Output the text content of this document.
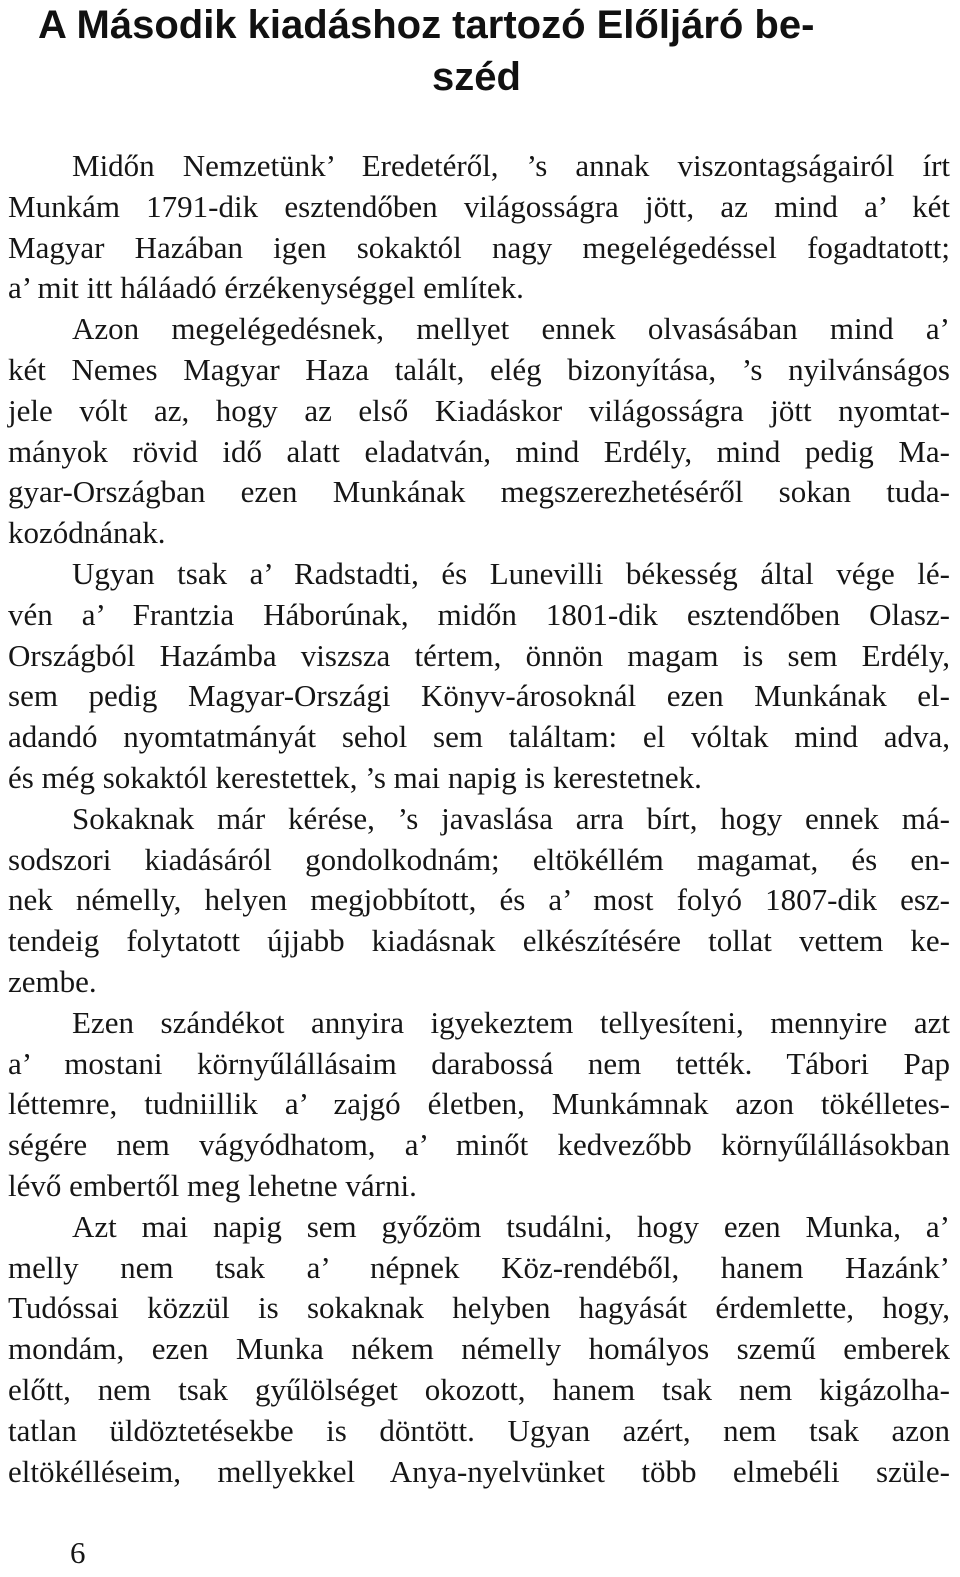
A Második kiadáshoz tartozó Előljáró be-
széd
Midőn Nemzetünk’ Eredetéről, ’s annak viszontagságairól írt
Munkám 1791-dik esztendőben világosságra jött, az mind a’ két
Magyar Hazában igen sokaktól nagy megelégedéssel fogadtatott;
a’ mit itt háláadó érzékenységgel említek.
Azon megelégedésnek, mellyet ennek olvasásában mind a’
két Nemes Magyar Haza talált, elég bizonyítása, ’s nyilvánságos
jele vólt az, hogy az első Kiadáskor világosságra jött nyomtat-
mányok rövid idő alatt eladatván, mind Erdély, mind pedig Ma-
gyar-Országban ezen Munkának megszerezhetéséről sokan tuda-
kozódnának.
Ugyan tsak a’ Radstadti, és Lunevilli békesség által vége lé-
vén a’ Frantzia Háborúnak, midőn 1801-dik esztendőben Olasz-
Országból Hazámba viszsza tértem, önnön magam is sem Erdély,
sem pedig Magyar-Országi Könyv-árosoknál ezen Munkának el-
adandó nyomtatmányát sehol sem találtam: el vóltak mind adva,
és még sokaktól kerestettek, ’s mai napig is kerestetnek.
Sokaknak már kérése, ’s javaslása arra bírt, hogy ennek má-
sodszori kiadásáról gondolkodnám; eltökéllém magamat, és en-
nek némelly, helyen megjobbított, és a’ most folyó 1807-dik esz-
tendeig folytatott újjabb kiadásnak elkészítésére tollat vettem ke-
zembe.
Ezen szándékot annyira igyekeztem tellyesíteni, mennyire azt
a’ mostani környűlállásaim darabossá nem tették. Tábori Pap
léttemre, tudniillik a’ zajgó életben, Munkámnak azon tökélletes-
ségére nem vágyódhatom, a’ minőt kedvezőbb környűlállásokban
lévő embertől meg lehetne várni.
Azt mai napig sem győzöm tsudálni, hogy ezen Munka, a’
melly nem tsak a’ népnek Köz-rendéből, hanem Hazánk’
Tudóssai közzül is sokaknak helyben hagyását érdemlette, hogy,
mondám, ezen Munka nékem némelly homályos szemű emberek
előtt, nem tsak gyűlölséget okozott, hanem tsak nem kigázolha-
tatlan üldöztetésekbe is döntött. Ugyan azért, nem tsak azon
eltökélléseim, mellyekkel Anya-nyelvünket több elmebéli szüle-
6
